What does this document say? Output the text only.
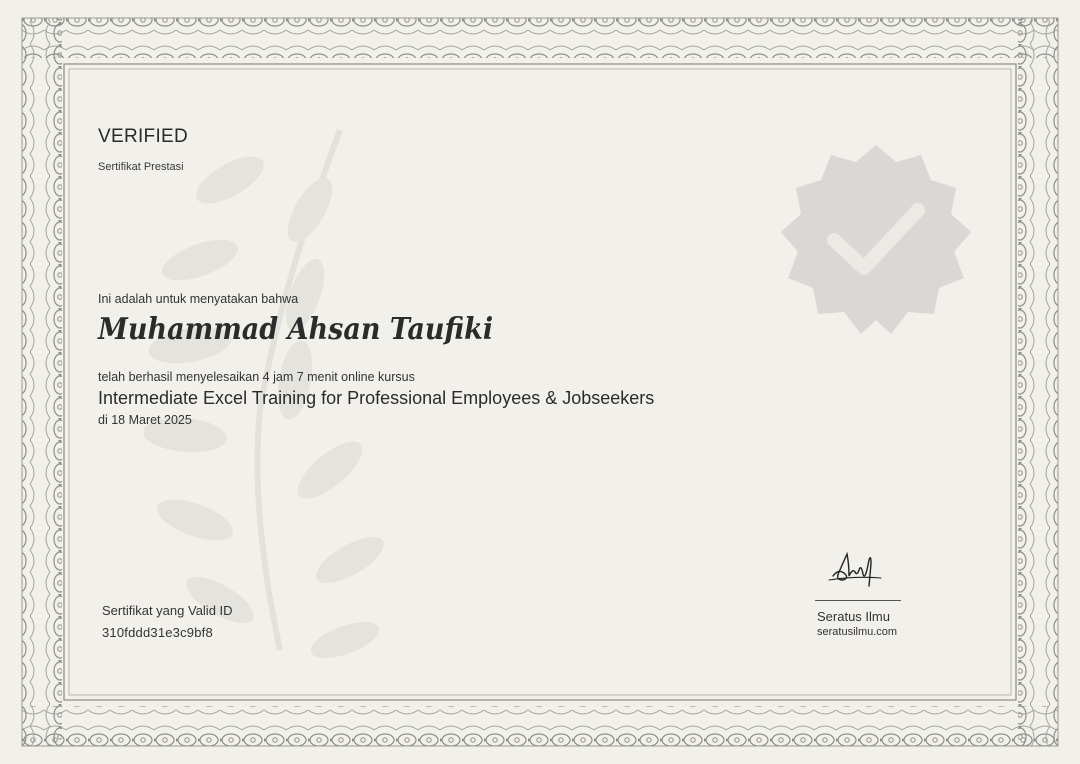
VERIFIED
Sertifikat Prestasi
Ini adalah untuk menyatakan bahwa
Muhammad Ahsan Taufiki
telah berhasil menyelesaikan 4 jam 7 menit online kursus
Intermediate Excel Training for Professional Employees & Jobseekers
di 18 Maret 2025
Sertifikat yang Valid ID
310fddd31e3c9bf8
Seratus Ilmu
seratusilmu.com
